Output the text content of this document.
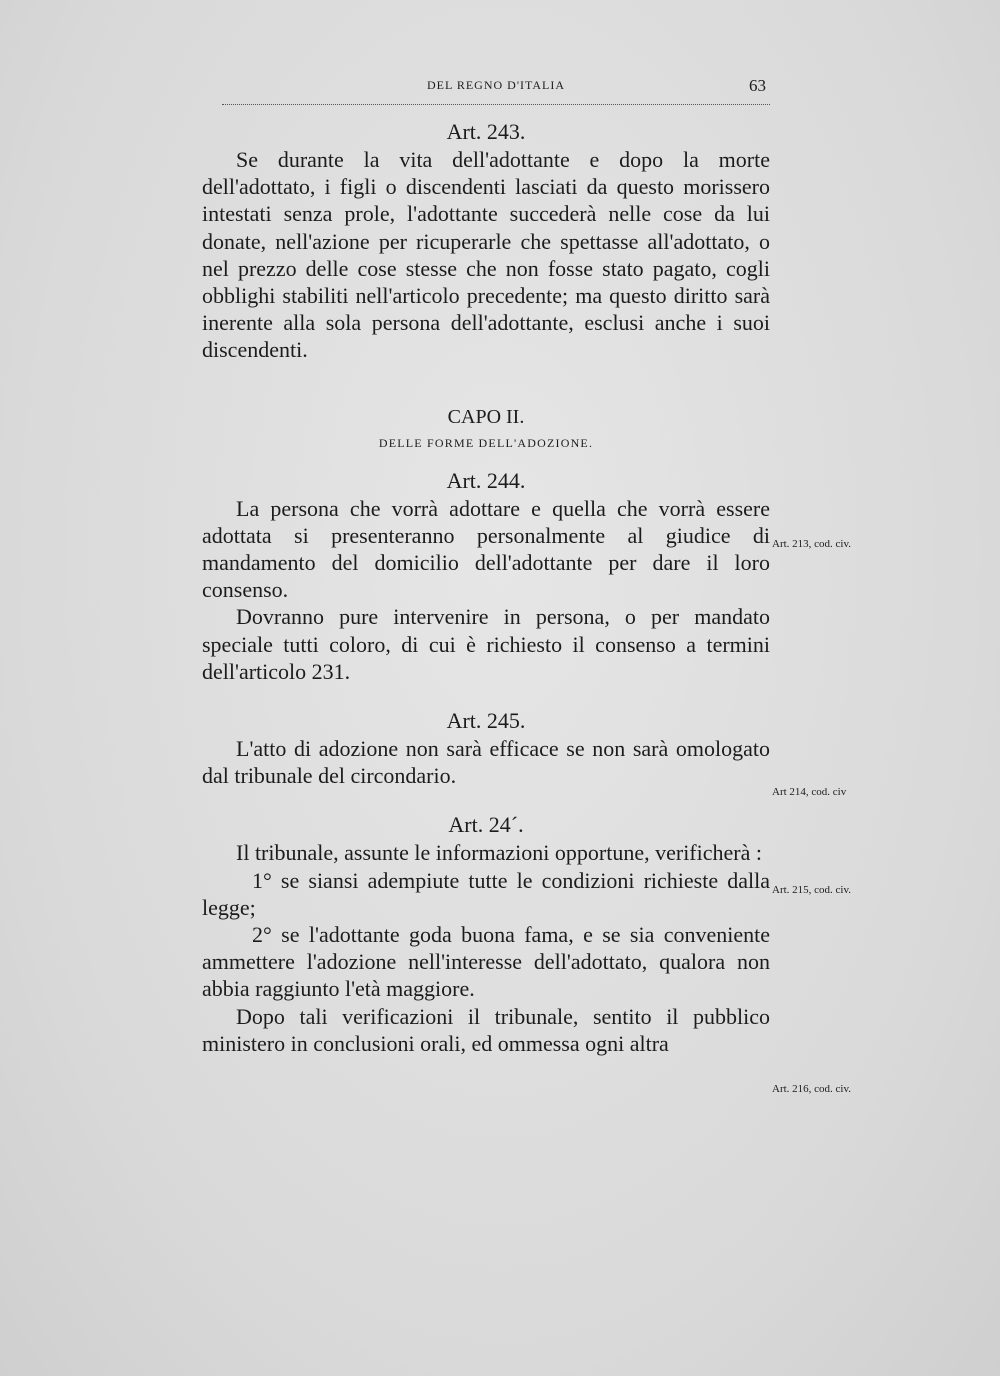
DEL REGNO D'ITALIA	63
Art. 243.

Se durante la vita dell'adottante e dopo la morte dell'adottato, i figli o discendenti lasciati da questo morissero intestati senza prole, l'adottante succederà nelle cose da lui donate, nell'azione per ricuperarle che spettasse all'adottato, o nel prezzo delle cose stesse che non fosse stato pagato, cogli obblighi stabiliti nell'articolo precedente; ma questo diritto sarà inerente alla sola persona dell'adottante, esclusi anche i suoi discendenti.

CAPO II.
DELLE FORME DELL'ADOZIONE.
Art. 244.

La persona che vorrà adottare e quella che vorrà essere adottata si presenteranno personalmente al giudice di mandamento del domicilio dell'adottante per dare il loro consenso.

Dovranno pure intervenire in persona, o per mandato speciale tutti coloro, di cui è richiesto il consenso a termini dell'articolo 231.

Art. 245.

L'atto di adozione non sarà efficace se non sarà omologato dal tribunale del circondario.

Art. 24´.

Il tribunale, assunte le informazioni opportune, verificherà :

1° se siansi adempiute tutte le condizioni richieste dalla legge;

2° se l'adottante goda buona fama, e se sia conveniente ammettere l'adozione nell'interesse dell'adottato, qualora non abbia raggiunto l'età maggiore.

Dopo tali verificazioni il tribunale, sentito il pubblico ministero in conclusioni orali, ed ommessa ogni altra

Art. 213, cod. civ.
Art 214, cod. civ
Art. 215, cod. civ.
Art. 216, cod. civ.
